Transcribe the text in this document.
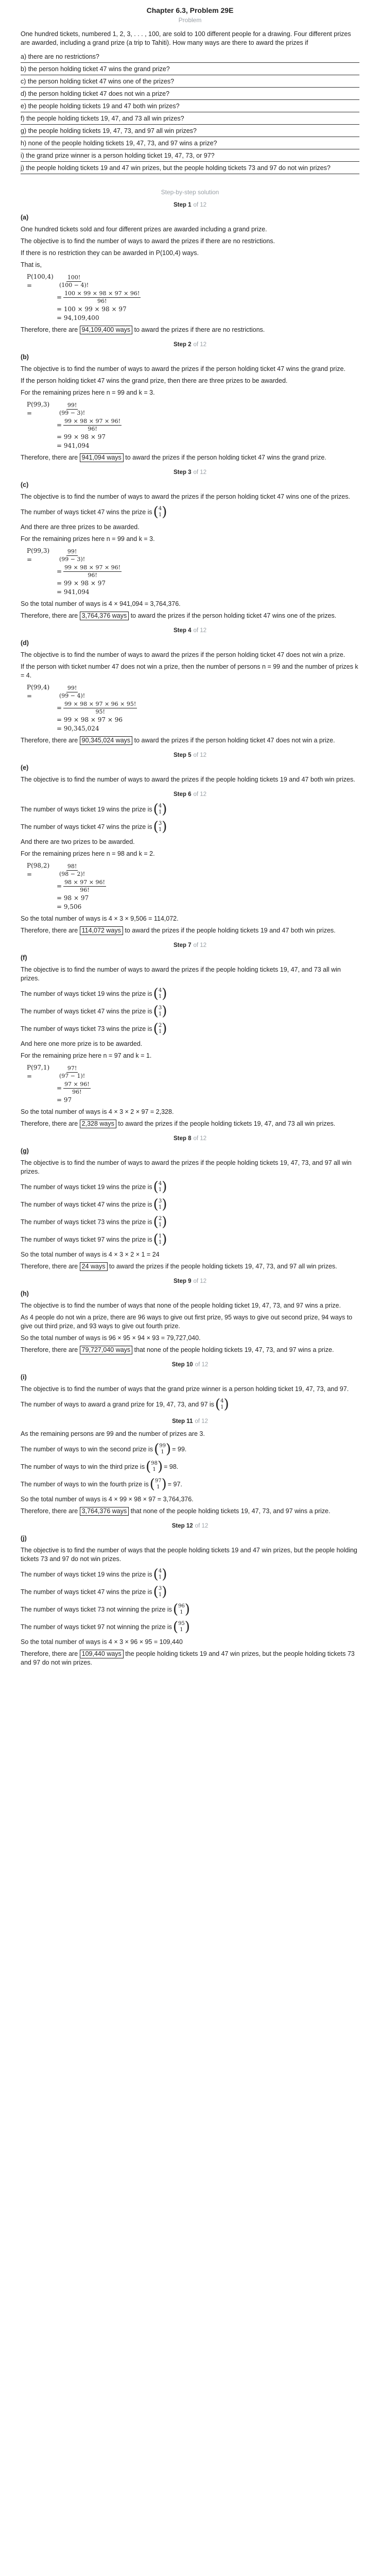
Chapter 6.3, Problem 29E
Problem
One hundred tickets, numbered 1, 2, 3, . . . , 100, are sold to 100 different people for a drawing. Four different prizes are awarded, including a grand prize (a trip to Tahiti). How many ways are there to award the prizes if
a) there are no restrictions?
b) the person holding ticket 47 wins the grand prize?
c) the person holding ticket 47 wins one of the prizes?
d) the person holding ticket 47 does not win a prize?
e) the people holding tickets 19 and 47 both win prizes?
f) the people holding tickets 19, 47, and 73 all win prizes?
g) the people holding tickets 19, 47, 73, and 97 all win prizes?
h) none of the people holding tickets 19, 47, 73, and 97 wins a prize?
i) the grand prize winner is a person holding ticket 19, 47, 73, or 97?
j) the people holding tickets 19 and 47 win prizes, but the people holding tickets 73 and 97 do not win prizes?
Step-by-step solution
Step 1 of 12

(a)

One hundred tickets sold and four different prizes are awarded including a grand prize.

The objective is to find the number of ways to award the prizes if there are no restrictions.

If there is no restriction they can be awarded in P(100,4) ways.

That is,

P(100,4) =	$\frac{100!}{(100 - 4)!}$
= $\frac{100 \times 99 \times 98 \times 97 \times 96!}{96!}$
= 100 × 99 × 98 × 97
= 94,109,400

Therefore, there are 94,109,400 ways to award the prizes if there are no restrictions.

Step 2 of 12

(b)

The objective is to find the number of ways to award the prizes if the person holding ticket 47 wins the grand prize.

If the person holding ticket 47 wins the grand prize, then there are three prizes to be awarded.

For the remaining prizes here n = 99 and k = 3.

P(99,3) =	$\frac{99!}{(99 - 3)!}$
= $\frac{99 \times 98 \times 97 \times 96!}{96!}$
= 99 × 98 × 97
= 941,094

Therefore, there are 941,094 ways to award the prizes if the person holding ticket 47 wins the grand prize.

Step 3 of 12

(c)

The objective is to find the number of ways to award the prizes if the person holding ticket 47 wins one of the prizes.

The number of ways ticket 47 wins the prize is ( 4
1 )

And there are three prizes to be awarded.

For the remaining prizes here n = 99 and k = 3.

P(99,3) =	$\frac{99!}{(99 - 3)!}$
= $\frac{99 \times 98 \times 97 \times 96!}{96!}$
= 99 × 98 × 97
= 941,094

So the total number of ways is 4 × 941,094 = 3,764,376.

Therefore, there are 3,764,376 ways to award the prizes if the person holding ticket 47 wins one of the prizes.

Step 4 of 12

(d)

The objective is to find the number of ways to award the prizes if the person holding ticket 47 does not win a prize.

If the person with ticket number 47 does not win a prize, then the number of persons n = 99 and the number of prizes k = 4.

P(99,4) =	$\frac{99!}{(99 - 4)!}$
= $\frac{99 \times 98 \times 97 \times 96 \times 95!}{95!}$
= 99 × 98 × 97 × 96
= 90,345,024

Therefore, there are 90,345,024 ways to award the prizes if the person holding ticket 47 does not win a prize.

Step 5 of 12

(e)

The objective is to find the number of ways to award the prizes if the people holding tickets 19 and 47 both win prizes.

Step 6 of 12
The number of ways ticket 19 wins the prize is ( 4
1 )
The number of ways ticket 47 wins the prize is ( 3
1 )

And there are two prizes to be awarded.

For the remaining prizes here n = 98 and k = 2.

P(98,2) =	$\frac{98!}{(98 - 2)!}$
= $\frac{98 \times 97 \times 96!}{96!}$
= 98 × 97
= 9,506

So the total number of ways is 4 × 3 × 9,506 = 114,072.

Therefore, there are 114,072 ways to award the prizes if the people holding tickets 19 and 47 both win prizes.

Step 7 of 12

(f)

The objective is to find the number of ways to award the prizes if the people holding tickets 19, 47, and 73 all win prizes.

The number of ways ticket 19 wins the prize is ( 4
1 )
The number of ways ticket 47 wins the prize is ( 3
1 )
The number of ways ticket 73 wins the prize is ( 2
1 )

And here one more prize is to be awarded.

For the remaining prize here n = 97 and k = 1.

P(97,1) =	$\frac{97!}{(97 - 1)!}$
= $\frac{97 \times 96!}{96!}$
= 97

So the total number of ways is 4 × 3 × 2 × 97 = 2,328.

Therefore, there are 2,328 ways to award the prizes if the people holding tickets 19, 47, and 73 all win prizes.

Step 8 of 12

(g)

The objective is to find the number of ways to award the prizes if the people holding tickets 19, 47, 73, and 97 all win prizes.

The number of ways ticket 19 wins the prize is ( 4
1 )
The number of ways ticket 47 wins the prize is ( 3
1 )
The number of ways ticket 73 wins the prize is ( 2
1 )
The number of ways ticket 97 wins the prize is ( 1
1 )

So the total number of ways is 4 × 3 × 2 × 1 = 24

Therefore, there are 24 ways to award the prizes if the people holding tickets 19, 47, 73, and 97 all win prizes.

Step 9 of 12

(h)

The objective is to find the number of ways that none of the people holding ticket 19, 47, 73, and 97 wins a prize.

As 4 people do not win a prize, there are 96 ways to give out first prize, 95 ways to give out second prize, 94 ways to give out third prize, and 93 ways to give out fourth prize.

So the total number of ways is 96 × 95 × 94 × 93 = 79,727,040.

Therefore, there are 79,727,040 ways that none of the people holding tickets 19, 47, 73, and 97 wins a prize.

Step 10 of 12

(i)

The objective is to find the number of ways that the grand prize winner is a person holding ticket 19, 47, 73, and 97.

The number of ways to award a grand prize for 19, 47, 73, and 97 is ( 4
1 )
Step 11 of 12

As the remaining persons are 99 and the number of prizes are 3.

The number of ways to win the second prize is ( 99
1 ) = 99.
The number of ways to win the third prize is ( 98
1 ) = 98.
The number of ways to win the fourth prize is ( 97
1 ) = 97.

So the total number of ways is 4 × 99 × 98 × 97 = 3,764,376.

Therefore, there are 3,764,376 ways that none of the people holding tickets 19, 47, 73, and 97 wins a prize.

Step 12 of 12

(j)

The objective is to find the number of ways that the people holding tickets 19 and 47 win prizes, but the people holding tickets 73 and 97 do not win prizes.

The number of ways ticket 19 wins the prize is ( 4
1 )
The number of ways ticket 47 wins the prize is ( 3
1 )
The number of ways ticket 73 not winning the prize is ( 96
1 )
The number of ways ticket 97 not winning the prize is ( 95
1 )

So the total number of ways is 4 × 3 × 96 × 95 = 109,440

Therefore, there are 109,440 ways the people holding tickets 19 and 47 win prizes, but the people holding tickets 73 and 97 do not win prizes.
